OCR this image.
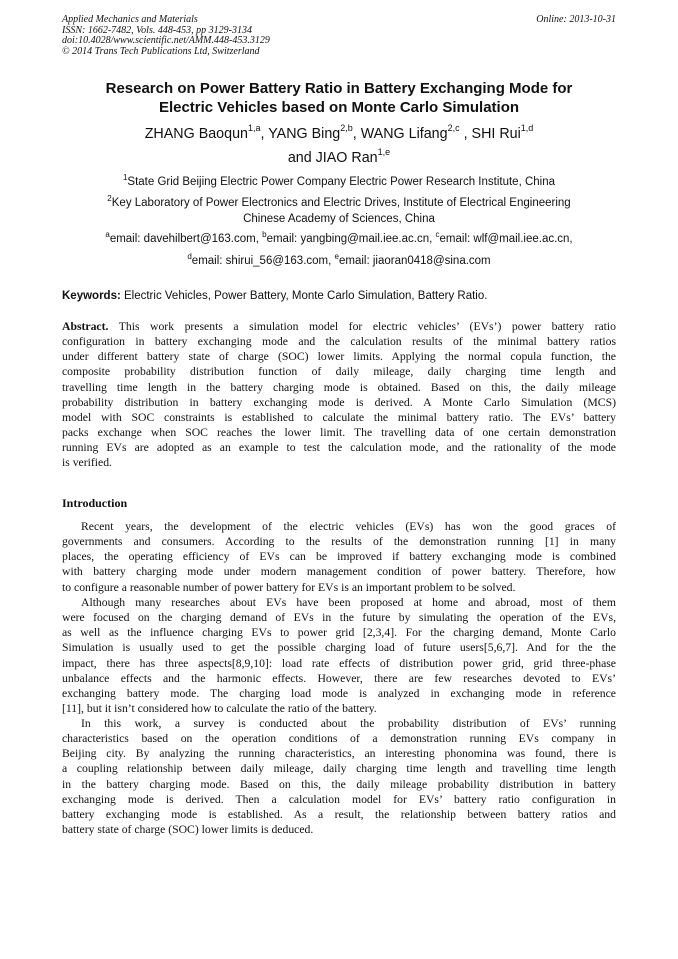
Applied Mechanics and Materials
ISSN: 1662-7482, Vols. 448-453, pp 3129-3134
doi:10.4028/www.scientific.net/AMM.448-453.3129
© 2014 Trans Tech Publications Ltd, Switzerland
Online: 2013-10-31
Research on Power Battery Ratio in Battery Exchanging Mode for
Electric Vehicles based on Monte Carlo Simulation
ZHANG Baoqun$^{1,a}$, YANG Bing$^{2,b}$, WANG Lifang$^{2,c}$ , SHI Rui$^{1,d}$
and JIAO Ran$^{1,e}$
$^1$State Grid Beijing Electric Power Company Electric Power Research Institute, China
$^2$Key Laboratory of Power Electronics and Electric Drives, Institute of Electrical Engineering
Chinese Academy of Sciences, China
$^a$email: davehilbert@163.com, $^b$email: yangbing@mail.iee.ac.cn, $^c$email: wlf@mail.iee.ac.cn,
$^d$email: shirui_56@163.com, $^e$email: jiaoran0418@sina.com
Keywords: Electric Vehicles, Power Battery, Monte Carlo Simulation, Battery Ratio.
Abstract. This work presents a simulation model for electric vehicles’ (EVs’) power battery ratio
configuration in battery exchanging mode and the calculation results of the minimal battery ratios
under different battery state of charge (SOC) lower limits. Applying the normal copula function, the
composite probability distribution function of daily mileage, daily charging time length and
travelling time length in the battery charging mode is obtained. Based on this, the daily mileage
probability distribution in battery exchanging mode is derived. A Monte Carlo Simulation (MCS)
model with SOC constraints is established to calculate the minimal battery ratio. The EVs’ battery
packs exchange when SOC reaches the lower limit. The travelling data of one certain demonstration
running EVs are adopted as an example to test the calculation mode, and the rationality of the mode
is verified.
Introduction
Recent years, the development of the electric vehicles (EVs) has won the good graces of
governments and consumers. According to the results of the demonstration running [1] in many
places, the operating efficiency of EVs can be improved if battery exchanging mode is combined
with battery charging mode under modern management condition of power battery. Therefore, how
to configure a reasonable number of power battery for EVs is an important problem to be solved.
Although many researches about EVs have been proposed at home and abroad, most of them
were focused on the charging demand of EVs in the future by simulating the operation of the EVs,
as well as the influence charging EVs to power grid [2,3,4]. For the charging demand, Monte Carlo
Simulation is usually used to get the possible charging load of future users[5,6,7]. And for the the
impact, there has three aspects[8,9,10]: load rate effects of distribution power grid, grid three-phase
unbalance effects and the harmonic effects. However, there are few researches devoted to EVs’
exchanging battery mode. The charging load mode is analyzed in exchanging mode in reference
[11], but it isn’t considered how to calculate the ratio of the battery.
In this work, a survey is conducted about the probability distribution of EVs’ running
characteristics based on the operation conditions of a demonstration running EVs company in
Beijing city. By analyzing the running characteristics, an interesting phonomina was found, there is
a coupling relationship between daily mileage, daily charging time length and travelling time length
in the battery charging mode. Based on this, the daily mileage probability distribution in battery
exchanging mode is derived. Then a calculation model for EVs’ battery ratio configuration in
battery exchanging mode is established. As a result, the relationship between battery ratios and
battery state of charge (SOC) lower limits is deduced.
